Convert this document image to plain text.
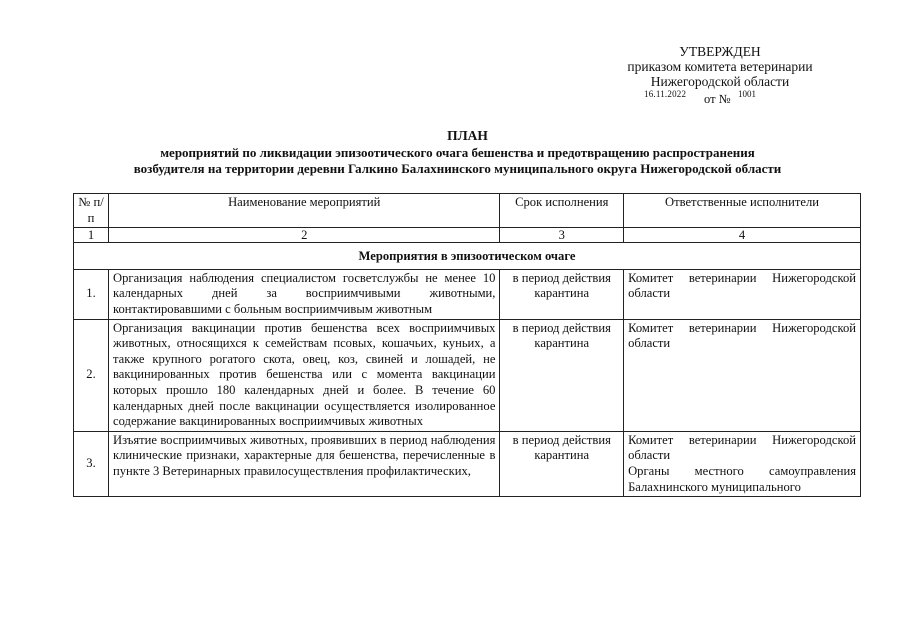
УТВЕРЖДЕН
приказом комитета ветеринарии
Нижегородской области
16.11.2022 от № 1001
ПЛАН
мероприятий по ликвидации эпизоотического очага бешенства и предотвращению распространения
возбудителя на территории деревни Галкино Балахнинского муниципального округа Нижегородской области
№ п/п	Наименование мероприятий	Срок исполнения	Ответственные исполнители
1	2	3	4
Мероприятия в эпизоотическом очаге			
1.	Организация наблюдения специалистом госветслужбы не менее 10 календарных дней за восприимчивыми животными, контактировавшими с больным восприимчивым животным	в период действия карантина	Комитет ветеринарии Нижегородской области

2.	Организация вакцинации против бешенства всех восприимчивых животных, относящихся к семействам псовых, кошачьих, куньих, а также крупного рогатого скота, овец, коз, свиней и лошадей, не вакцинированных против бешенства или с момента вакцинации которых прошло 180 календарных дней и более. В течение 60 календарных дней после вакцинации осуществляется изолированное содержание вакцинированных восприимчивых животных	в период действия карантина	Комитет ветеринарии Нижегородской области

3.	Изъятие восприимчивых животных, проявивших в период наблюдения клинические признаки, характерные для бешенства, перечисленные в пункте 3 Ветеринарных правилосуществления профилактических,	в период действия карантина	Комитет ветеринарии Нижегородской области
Органы местного самоуправления Балахнинского муниципального
